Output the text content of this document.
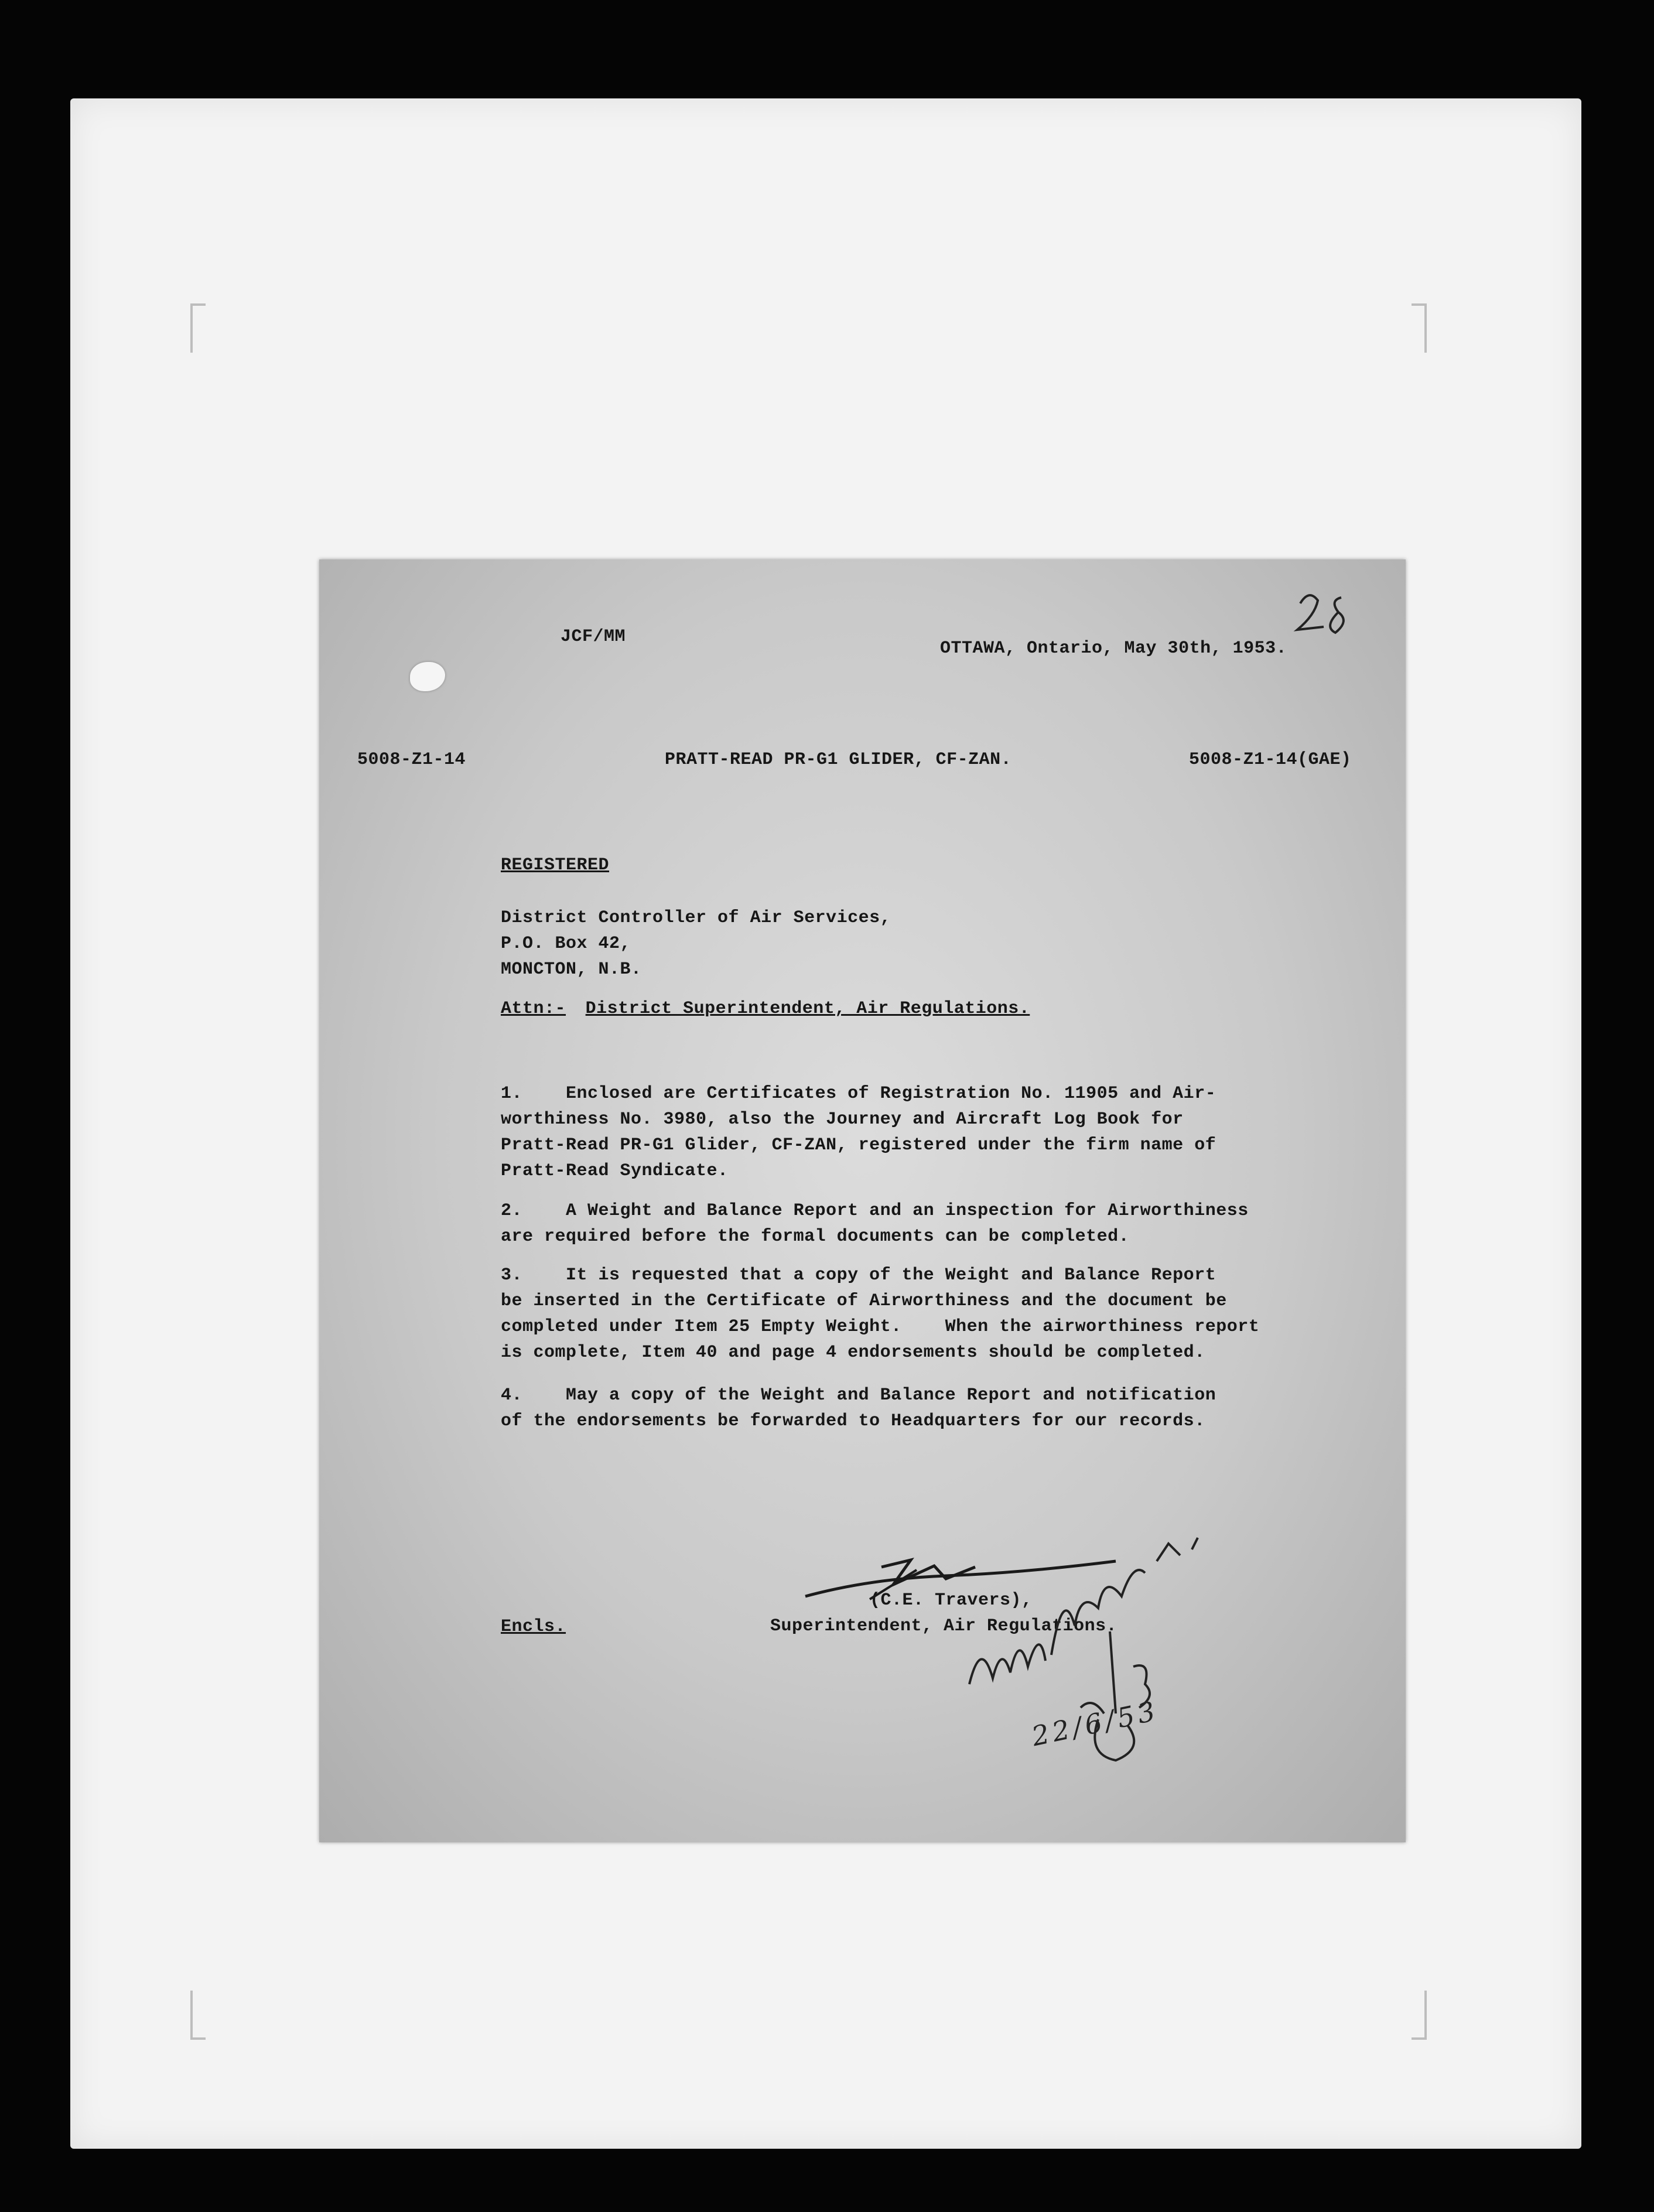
JCF/MM
OTTAWA, Ontario, May 30th, 1953.
5008-Z1-14	PRATT-READ PR-G1 GLIDER, CF-ZAN.	5008-Z1-14(GAE)
REGISTERED
District Controller of Air Services,
P.O. Box 42,
MONCTON, N.B.
Attn:- District Superintendent, Air Regulations.
1.    Enclosed are Certificates of Registration No. 11905 and Air-
worthiness No. 3980, also the Journey and Aircraft Log Book for
Pratt-Read PR-G1 Glider, CF-ZAN, registered under the firm name of
Pratt-Read Syndicate.
2.    A Weight and Balance Report and an inspection for Airworthiness
are required before the formal documents can be completed.
3.    It is requested that a copy of the Weight and Balance Report
be inserted in the Certificate of Airworthiness and the document be
completed under Item 25 Empty Weight.    When the airworthiness report
is complete, Item 40 and page 4 endorsements should be completed.
4.    May a copy of the Weight and Balance Report and notification
of the endorsements be forwarded to Headquarters for our records.
Encls.
(C.E. Travers),
Superintendent, Air Regulations.
22/6/53
